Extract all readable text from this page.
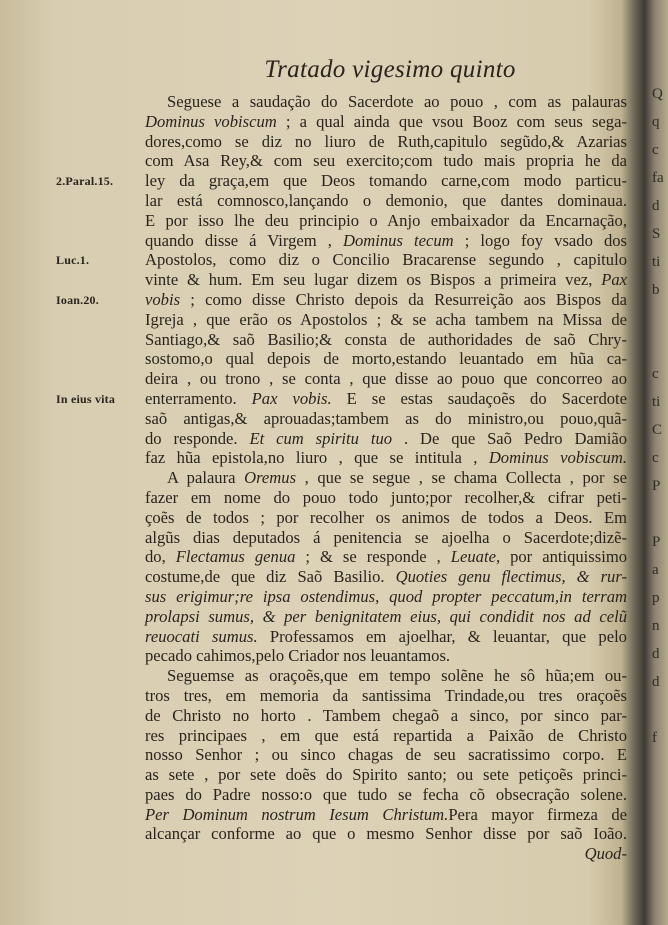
Tratado vigesimo quinto
Seguese a saudação do Sacerdote ao pouo , com as palauras
Dominus vobiscum ; a qual ainda que vsou Booz com seus sega-
dores,como se diz no liuro de Ruth,capitulo segũdo,& Azarias
com Asa Rey,& com seu exercito;com tudo mais propria he da
ley da graça,em que Deos tomando carne,com modo particu-
lar está comnosco,lançando o demonio, que dantes dominaua.
E por isso lhe deu principio o Anjo embaixador da Encarnação,
quando disse á Virgem , Dominus tecum ; logo foy vsado dos
Apostolos, como diz o Concilio Bracarense segundo , capitulo
vinte & hum. Em seu lugar dizem os Bispos a primeira vez, Pax
vobis ; como disse Christo depois da Resurreição aos Bispos da
Igreja , que erão os Apostolos ; & se acha tambem na Missa de
Santiago,& saõ Basilio;& consta de authoridades de saõ Chry-
sostomo,o qual depois de morto,estando leuantado em hũa ca-
deira , ou trono , se conta , que disse ao pouo que concorreo ao
enterramento. Pax vobis. E se estas saudaçoẽs do Sacerdote
saõ antigas,& aprouadas;tambem as do ministro,ou pouo,quã-
do responde. Et cum spiritu tuo . De que Saõ Pedro Damião
faz hũa epistola,no liuro , que se intitula , Dominus vobiscum.
A palaura Oremus , que se segue , se chama Collecta , por se
fazer em nome do pouo todo junto;por recolher,& cifrar peti-
çoẽs de todos ; por recolher os animos de todos a Deos. Em
algũs dias deputados á penitencia se ajoelha o Sacerdote;dizẽ-
do, Flectamus genua ; & se responde , Leuate, por antiquissimo
costume,de que diz Saõ Basilio. Quoties genu flectimus, & rur-
sus erigimur;re ipsa ostendimus, quod propter peccatum,in terram
prolapsi sumus, & per benignitatem eius, qui condidit nos ad celũ
reuocati sumus. Professamos em ajoelhar, & leuantar, que pelo
pecado cahimos,pelo Criador nos leuantamos.
Seguemse as oraçoẽs,que em tempo solẽne he sô hũa;em ou-
tros tres, em memoria da santissima Trindade,ou tres oraçoẽs
de Christo no horto . Tambem chegaõ a sinco, por sinco par-
res principaes , em que está repartida a Paixão de Christo
nosso Senhor ; ou sinco chagas de seu sacratissimo corpo. E
as sete , por sete doẽs do Spirito santo; ou sete petiçoẽs princi-
paes do Padre nosso:o que tudo se fecha cõ obsecração solene.
Per Dominum nostrum Iesum Christum.Pera mayor firmeza de
alcançar conforme ao que o mesmo Senhor disse por saõ Ioão.
Quod-
2.Paral.15.
Luc.1.
Ioan.20.
In eius vita
Q
q
c
fa
d
S
ti
b
c
ti
C
c
P
P
a
p
n
d
d
f
